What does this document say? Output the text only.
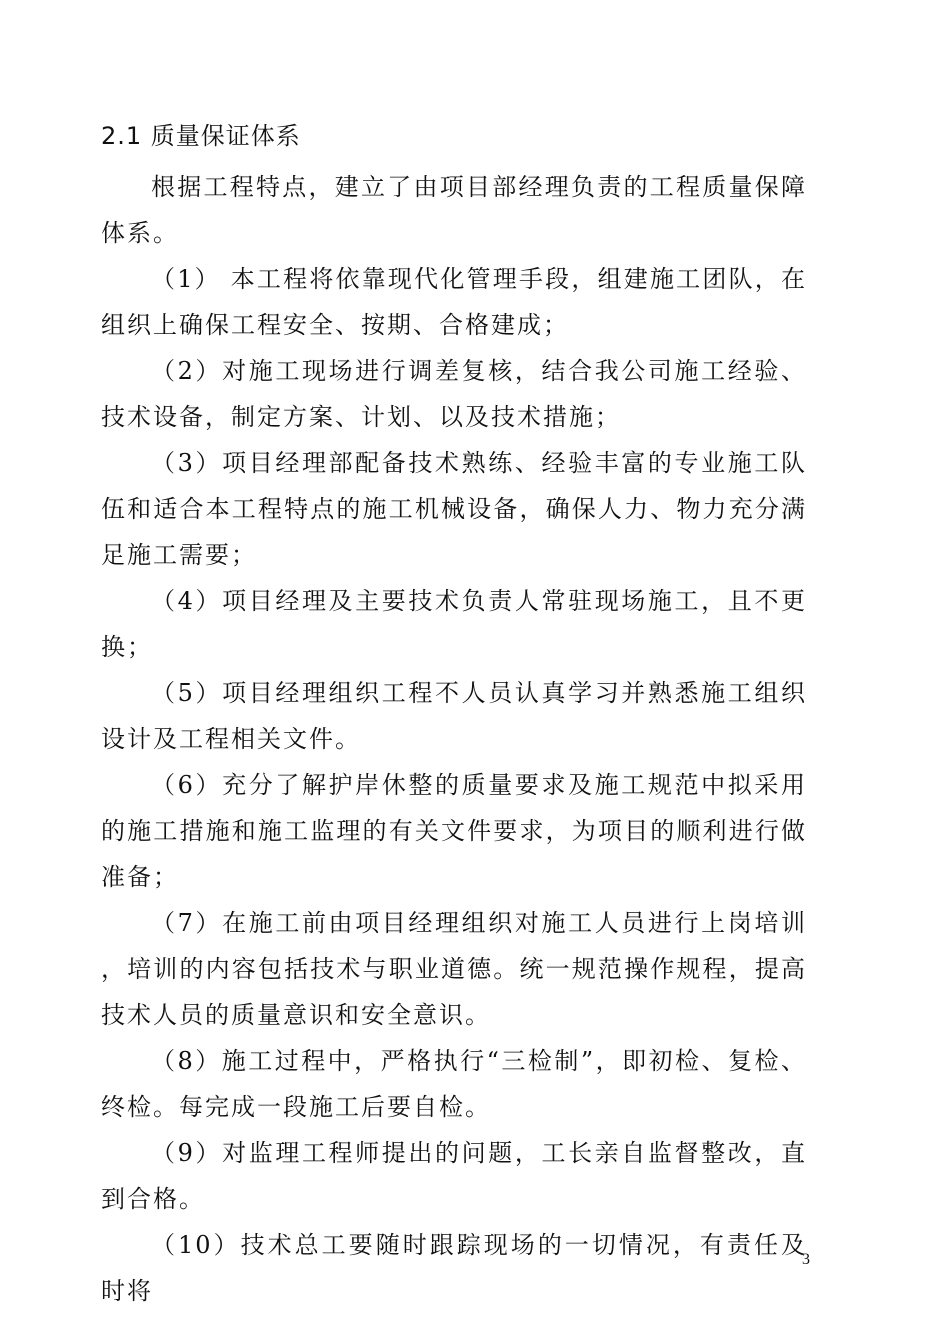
2.1 质量保证体系

根据工程特点，建立了由项目部经理负责的工程质量保障体系。

（1） 本工程将依靠现代化管理手段，组建施工团队，在组织上确保工程安全、按期、合格建成；

（2）对施工现场进行调差复核，结合我公司施工经验、技术设备，制定方案、计划、以及技术措施；

（3）项目经理部配备技术熟练、经验丰富的专业施工队伍和适合本工程特点的施工机械设备，确保人力、物力充分满足施工需要；

（4）项目经理及主要技术负责人常驻现场施工，且不更换；

（5）项目经理组织工程不人员认真学习并熟悉施工组织设计及工程相关文件。

（6）充分了解护岸休整的质量要求及施工规范中拟采用的施工措施和施工监理的有关文件要求，为项目的顺利进行做准备；

（7）在施工前由项目经理组织对施工人员进行上岗培训，培训的内容包括技术与职业道德。统一规范操作规程，提高技术人员的质量意识和安全意识。

（8）施工过程中，严格执行“三检制”，即初检、复检、终检。每完成一段施工后要自检。

（9）对监理工程师提出的问题，工长亲自监督整改，直到合格。

（10）技术总工要随时跟踪现场的一切情况，有责任及时将

3
